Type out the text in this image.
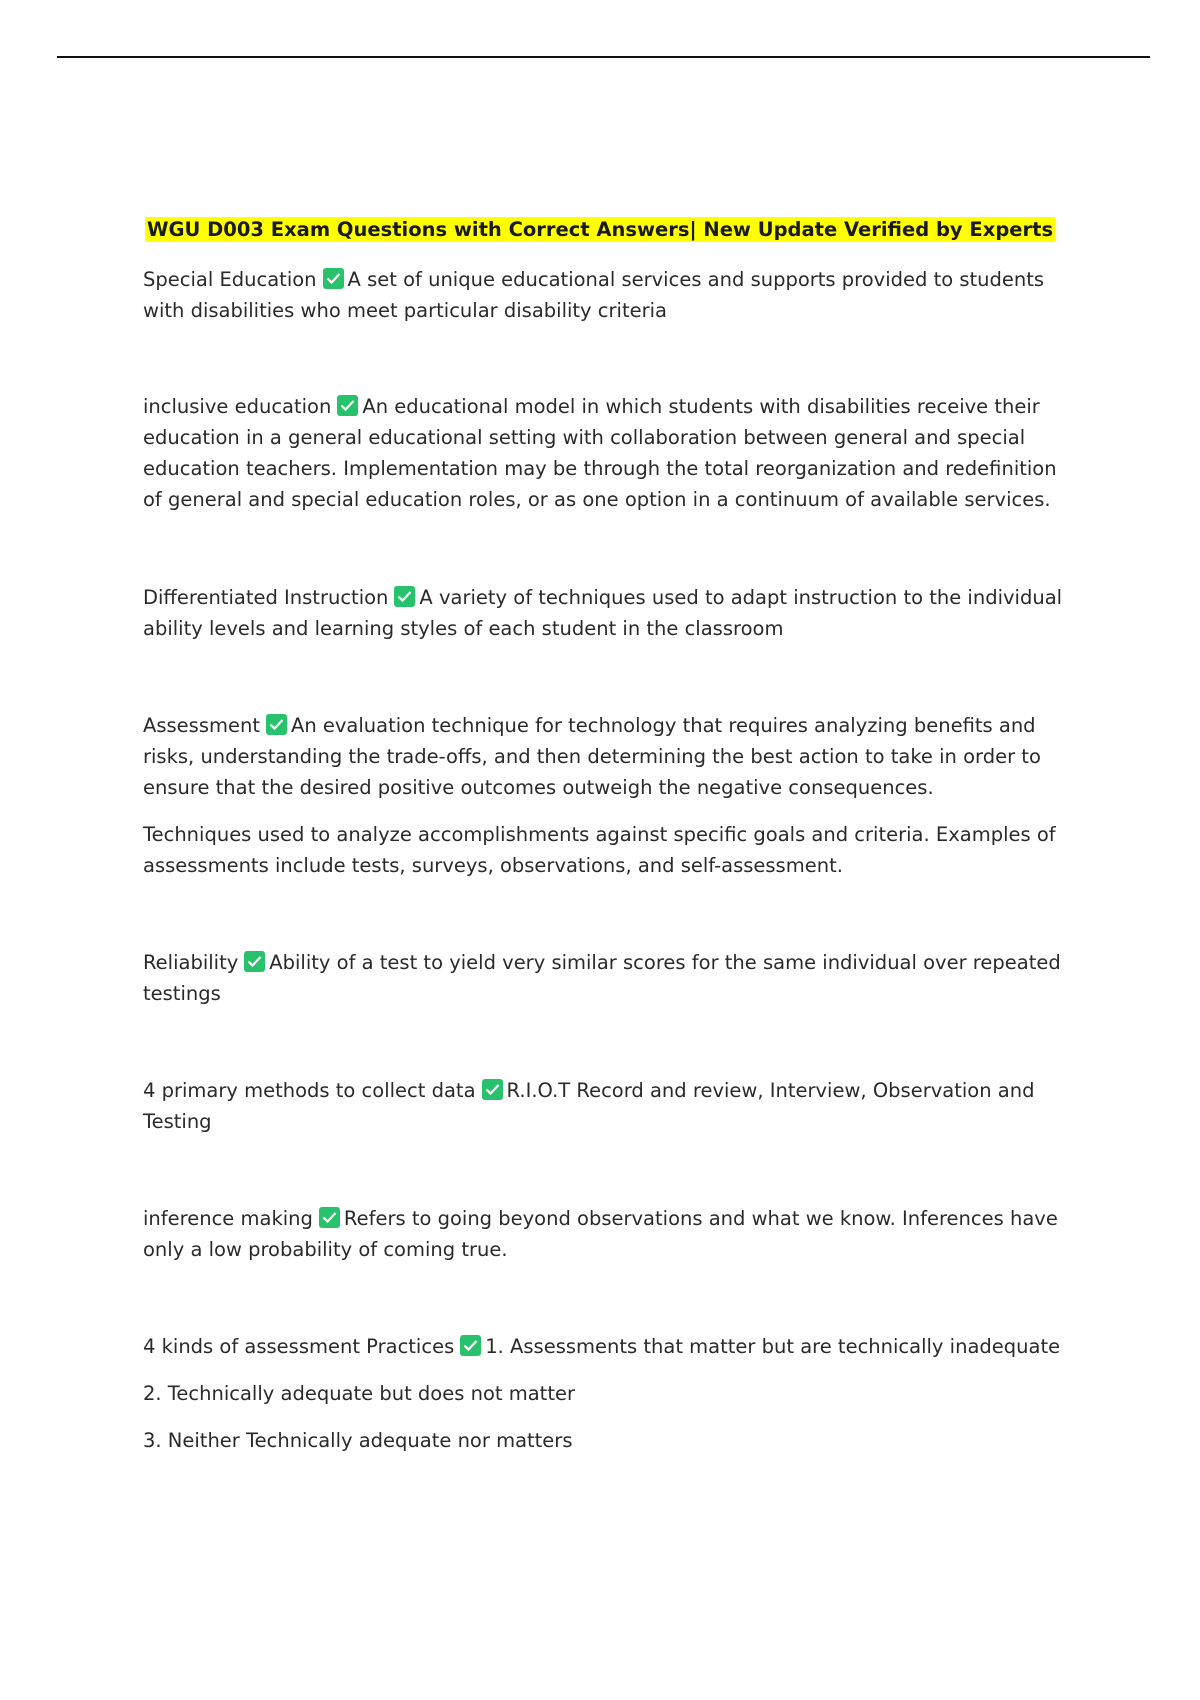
WGU D003 Exam Questions with Correct Answers| New Update Verified by Experts

Special Education A set of unique educational services and supports provided to students with disabilities who meet particular disability criteria

inclusive education An educational model in which students with disabilities receive their education in a general educational setting with collaboration between general and special education teachers. Implementation may be through the total reorganization and redefinition of general and special education roles, or as one option in a continuum of available services.

Differentiated Instruction A variety of techniques used to adapt instruction to the individual ability levels and learning styles of each student in the classroom

Assessment An evaluation technique for technology that requires analyzing benefits and risks, understanding the trade-offs, and then determining the best action to take in order to ensure that the desired positive outcomes outweigh the negative consequences.

Techniques used to analyze accomplishments against specific goals and criteria. Examples of assessments include tests, surveys, observations, and self-assessment.

Reliability Ability of a test to yield very similar scores for the same individual over repeated testings

4 primary methods to collect data R.I.O.T Record and review, Interview, Observation and Testing

inference making Refers to going beyond observations and what we know. Inferences have only a low probability of coming true.

4 kinds of assessment Practices 1. Assessments that matter but are technically inadequate

2. Technically adequate but does not matter

3. Neither Technically adequate nor matters
